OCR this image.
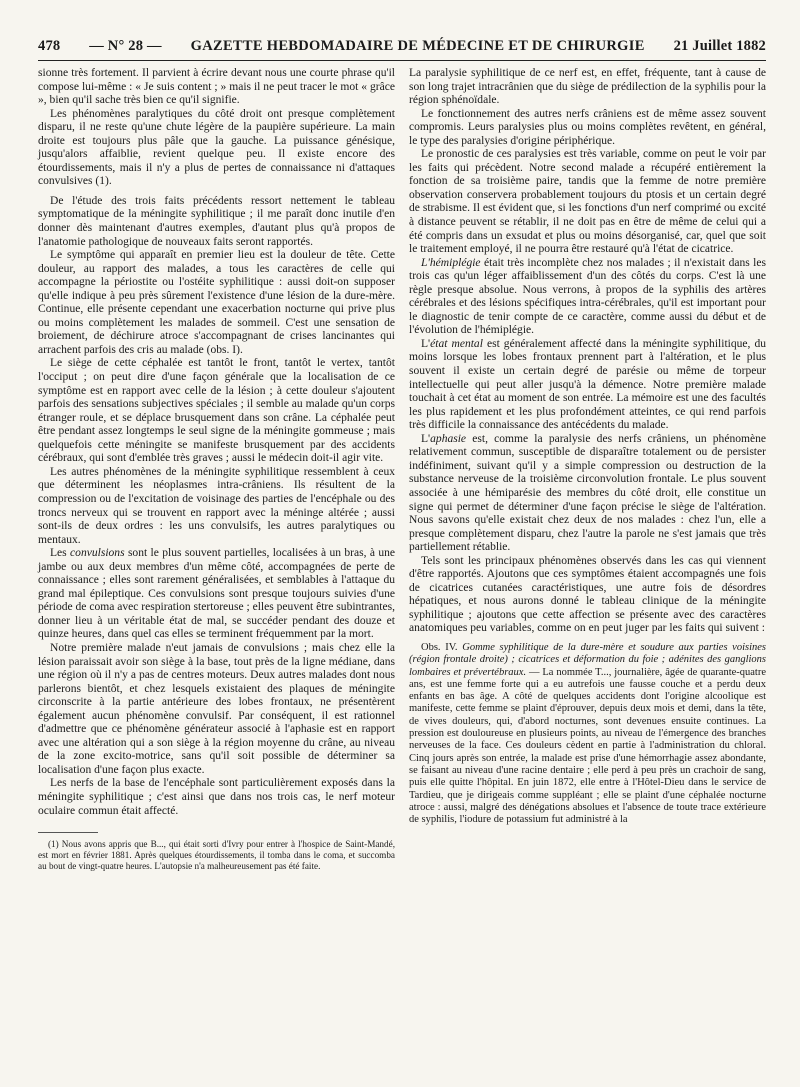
478 — N° 28 — GAZETTE HEBDOMADAIRE DE MÉDECINE ET DE CHIRURGIE 21 Juillet 1882

sionne très fortement. Il parvient à écrire devant nous une courte phrase qu'il compose lui-même : « Je suis content ; » mais il ne peut tracer le mot « grâce », bien qu'il sache très bien ce qu'il signifie.

Les phénomènes paralytiques du côté droit ont presque complètement disparu, il ne reste qu'une chute légère de la paupière supérieure. La main droite est toujours plus pâle que la gauche. La puissance génésique, jusqu'alors affaiblie, revient quelque peu. Il existe encore des étourdissements, mais il n'y a plus de pertes de connaissance ni d'attaques convulsives (1).

De l'étude des trois faits précédents ressort nettement le tableau symptomatique de la méningite syphilitique ; il me paraît donc inutile d'en donner dès maintenant d'autres exemples, d'autant plus qu'à propos de l'anatomie pathologique de nouveaux faits seront rapportés.

Le symptôme qui apparaît en premier lieu est la douleur de tête. Cette douleur, au rapport des malades, a tous les caractères de celle qui accompagne la périostite ou l'ostéite syphilitique : aussi doit-on supposer qu'elle indique à peu près sûrement l'existence d'une lésion de la dure-mère. Continue, elle présente cependant une exacerbation nocturne qui prive plus ou moins complètement les malades de sommeil. C'est une sensation de broiement, de déchirure atroce s'accompagnant de crises lancinantes qui arrachent parfois des cris au malade (obs. I).

Le siège de cette céphalée est tantôt le front, tantôt le vertex, tantôt l'occiput ; on peut dire d'une façon générale que la localisation de ce symptôme est en rapport avec celle de la lésion ; à cette douleur s'ajoutent parfois des sensations subjectives spéciales ; il semble au malade qu'un corps étranger roule, et se déplace brusquement dans son crâne. La céphalée peut être pendant assez longtemps le seul signe de la méningite gommeuse ; mais quelquefois cette méningite se manifeste brusquement par des accidents cérébraux, qui sont d'emblée très graves ; aussi le médecin doit-il agir vite.

Les autres phénomènes de la méningite syphilitique ressemblent à ceux que déterminent les néoplasmes intra-crâniens. Ils résultent de la compression ou de l'excitation de voisinage des parties de l'encéphale ou des troncs nerveux qui se trouvent en rapport avec la méninge altérée ; aussi sont-ils de deux ordres : les uns convulsifs, les autres paralytiques ou mentaux.

Les convulsions sont le plus souvent partielles, localisées à un bras, à une jambe ou aux deux membres d'un même côté, accompagnées de perte de connaissance ; elles sont rarement généralisées, et semblables à l'attaque du grand mal épileptique. Ces convulsions sont presque toujours suivies d'une période de coma avec respiration stertoreuse ; elles peuvent être subintrantes, donner lieu à un véritable état de mal, se succéder pendant des douze et quinze heures, dans quel cas elles se terminent fréquemment par la mort.

Notre première malade n'eut jamais de convulsions ; mais chez elle la lésion paraissait avoir son siège à la base, tout près de la ligne médiane, dans une région où il n'y a pas de centres moteurs. Deux autres malades dont nous parlerons bientôt, et chez lesquels existaient des plaques de méningite circonscrite à la partie antérieure des lobes frontaux, ne présentèrent également aucun phénomène convulsif. Par conséquent, il est rationnel d'admettre que ce phénomène générateur associé à l'aphasie est en rapport avec une altération qui a son siège à la région moyenne du crâne, au niveau de la zone excito-motrice, sans qu'il soit possible de déterminer sa localisation d'une façon plus exacte.

Les nerfs de la base de l'encéphale sont particulièrement exposés dans la méningite syphilitique ; c'est ainsi que dans nos trois cas, le nerf moteur oculaire commun était affecté.

(1) Nous avons appris que B..., qui était sorti d'Ivry pour entrer à l'hospice de Saint-Mandé, est mort en février 1881. Après quelques étourdissements, il tomba dans le coma, et succomba au bout de vingt-quatre heures. L'autopsie n'a malheureusement pas été faite.

La paralysie syphilitique de ce nerf est, en effet, fréquente, tant à cause de son long trajet intracrânien que du siège de prédilection de la syphilis pour la région sphénoïdale.

Le fonctionnement des autres nerfs crâniens est de même assez souvent compromis. Leurs paralysies plus ou moins complètes revêtent, en général, le type des paralysies d'origine périphérique.

Le pronostic de ces paralysies est très variable, comme on peut le voir par les faits qui précèdent. Notre second malade a récupéré entièrement la fonction de sa troisième paire, tandis que la femme de notre première observation conservera probablement toujours du ptosis et un certain degré de strabisme. Il est évident que, si les fonctions d'un nerf comprimé ou excité à distance peuvent se rétablir, il ne doit pas en être de même de celui qui a été compris dans un exsudat et plus ou moins désorganisé, car, quel que soit le traitement employé, il ne pourra être restauré qu'à l'état de cicatrice.

L'hémiplégie était très incomplète chez nos malades ; il n'existait dans les trois cas qu'un léger affaiblissement d'un des côtés du corps. C'est là une règle presque absolue. Nous verrons, à propos de la syphilis des artères cérébrales et des lésions spécifiques intra-cérébrales, qu'il est important pour le diagnostic de tenir compte de ce caractère, comme aussi du début et de l'évolution de l'hémiplégie.

L'état mental est généralement affecté dans la méningite syphilitique, du moins lorsque les lobes frontaux prennent part à l'altération, et le plus souvent il existe un certain degré de parésie ou même de torpeur intellectuelle qui peut aller jusqu'à la démence. Notre première malade touchait à cet état au moment de son entrée. La mémoire est une des facultés les plus rapidement et les plus profondément atteintes, ce qui rend parfois très difficile la connaissance des antécédents du malade.

L'aphasie est, comme la paralysie des nerfs crâniens, un phénomène relativement commun, susceptible de disparaître totalement ou de persister indéfiniment, suivant qu'il y a simple compression ou destruction de la substance nerveuse de la troisième circonvolution frontale. Le plus souvent associée à une hémiparésie des membres du côté droit, elle constitue un signe qui permet de déterminer d'une façon précise le siège de l'altération. Nous savons qu'elle existait chez deux de nos malades : chez l'un, elle a presque complètement disparu, chez l'autre la parole ne s'est jamais que très partiellement rétablie.

Tels sont les principaux phénomènes observés dans les cas qui viennent d'être rapportés. Ajoutons que ces symptômes étaient accompagnés une fois de cicatrices cutanées caractéristiques, une autre fois de désordres hépatiques, et nous aurons donné le tableau clinique de la méningite syphilitique ; ajoutons que cette affection se présente avec des caractères anatomiques peu variables, comme on en peut juger par les faits qui suivent :

Obs. IV. Gomme syphilitique de la dure-mère et soudure aux parties voisines (région frontale droite) ; cicatrices et déformation du foie ; adénites des ganglions lombaires et prévertébraux. — La nommée T..., journalière, âgée de quarante-quatre ans, est une femme forte qui a eu autrefois une fausse couche et a perdu deux enfants en bas âge. A côté de quelques accidents dont l'origine alcoolique est manifeste, cette femme se plaint d'éprouver, depuis deux mois et demi, dans la tête, de vives douleurs, qui, d'abord nocturnes, sont devenues ensuite continues. La pression est douloureuse en plusieurs points, au niveau de l'émergence des branches nerveuses de la face. Ces douleurs cèdent en partie à l'administration du chloral. Cinq jours après son entrée, la malade est prise d'une hémorrhagie assez abondante, se faisant au niveau d'une racine dentaire ; elle perd à peu près un crachoir de sang, puis elle quitte l'hôpital. En juin 1872, elle entre à l'Hôtel-Dieu dans le service de Tardieu, que je dirigeais comme suppléant ; elle se plaint d'une céphalée nocturne atroce : aussi, malgré des dénégations absolues et l'absence de toute trace extérieure de syphilis, l'iodure de potassium fut administré à la
